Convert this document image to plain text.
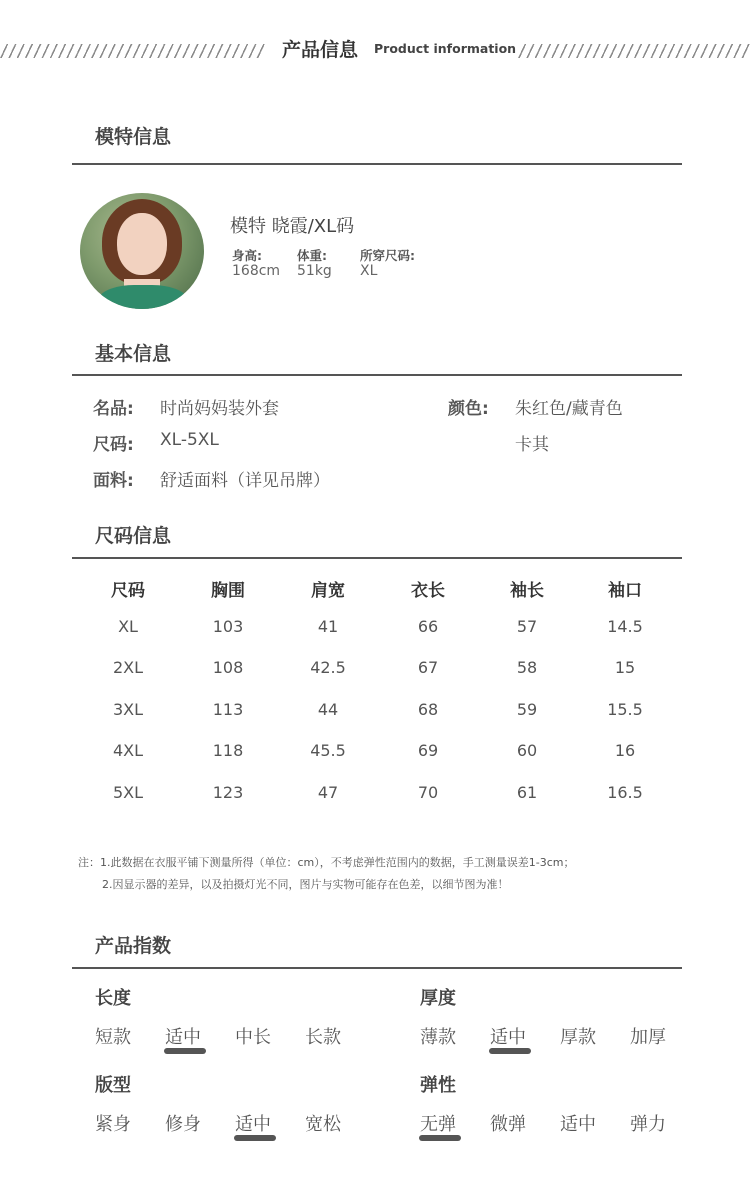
产品信息 Product information
模特信息
模特 晓霞/XL码
身高:
168cm
体重:
51kg
所穿尺码:
XL
基本信息
名品: 时尚妈妈装外套	颜色: 朱红色/藏青色
尺码: XL-5XL	卡其
面料: 舒适面料（详见吊牌）
尺码信息
尺码	胸围	肩宽	衣长	袖长	袖口
XL	103	41	66	57	14.5
2XL	108	42.5	67	58	15
3XL	113	44	68	59	15.5
4XL	118	45.5	69	60	16
5XL	123	47	70	61	16.5
注：1.此数据在衣服平铺下测量所得（单位：cm），不考虑弹性范围内的数据，手工测量误差1-3cm；
2.因显示器的差异，以及拍摄灯光不同，图片与实物可能存在色差，以细节图为准！
产品指数
长度
短款 适中 中长 长款
厚度
薄款 适中 厚款 加厚
版型
紧身 修身 适中 宽松
弹性
无弹 微弹 适中 弹力
